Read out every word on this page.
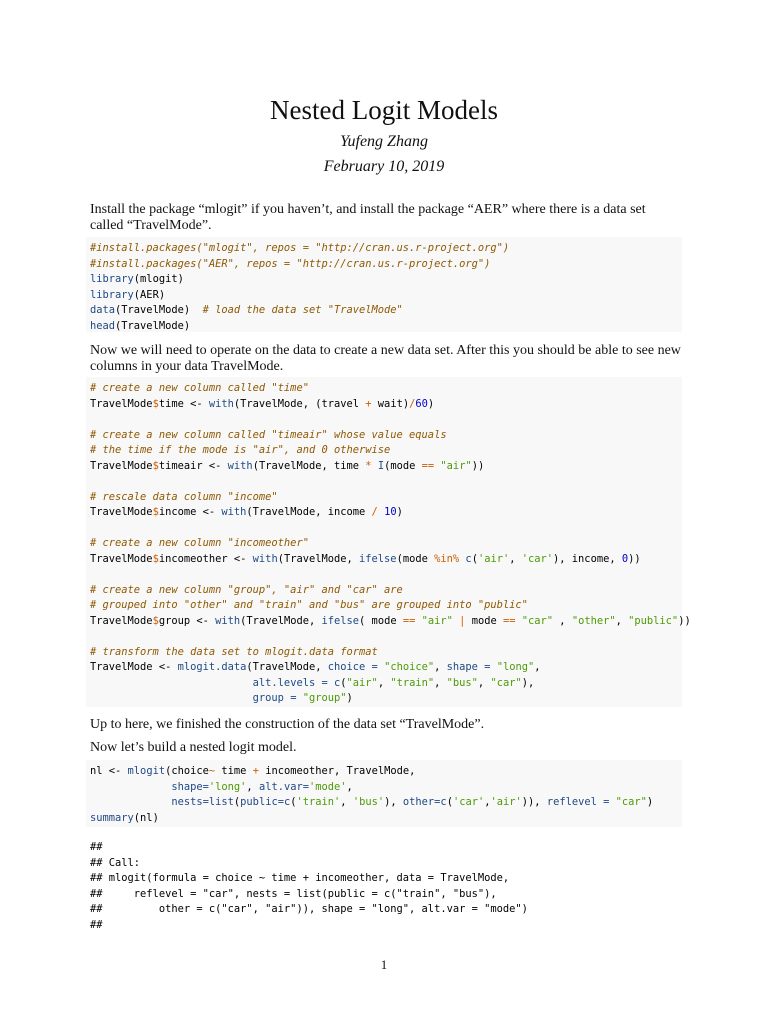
Nested Logit Models
Yufeng Zhang
February 10, 2019
Install the package “mlogit” if you haven’t, and install the package “AER” where there is a data set called “TravelMode”.
#install.packages("mlogit", repos = "http://cran.us.r-project.org")
#install.packages("AER", repos = "http://cran.us.r-project.org")
library(mlogit)
library(AER)
data(TravelMode)  # load the data set "TravelMode"
head(TravelMode)
Now we will need to operate on the data to create a new data set. After this you should be able to see new columns in your data TravelMode.
# create a new column called "time"
TravelMode$time <- with(TravelMode, (travel + wait)/60)
# create a new column called "timeair" whose value equals
# the time if the mode is "air", and 0 otherwise
TravelMode$timeair <- with(TravelMode, time * I(mode == "air"))
# rescale data column "income"
TravelMode$income <- with(TravelMode, income / 10)
# create a new column "incomeother"
TravelMode$incomeother <- with(TravelMode, ifelse(mode %in% c('air', 'car'), income, 0))
# create a new column "group", "air" and "car" are
# grouped into "other" and "train" and "bus" are grouped into "public"
TravelMode$group <- with(TravelMode, ifelse( mode == "air" | mode == "car" , "other", "public"))
# transform the data set to mlogit.data format
TravelMode <- mlogit.data(TravelMode, choice = "choice", shape = "long",
alt.levels = c("air", "train", "bus", "car"),
group = "group")
Up to here, we finished the construction of the data set “TravelMode”.
Now let’s build a nested logit model.
nl <- mlogit(choice~ time + incomeother, TravelMode,
shape='long', alt.var='mode',
nests=list(public=c('train', 'bus'), other=c('car','air')), reflevel = "car")
summary(nl)
##
## Call:
## mlogit(formula = choice ~ time + incomeother, data = TravelMode,
##     reflevel = "car", nests = list(public = c("train", "bus"),
##         other = c("car", "air")), shape = "long", alt.var = "mode")
##
1
